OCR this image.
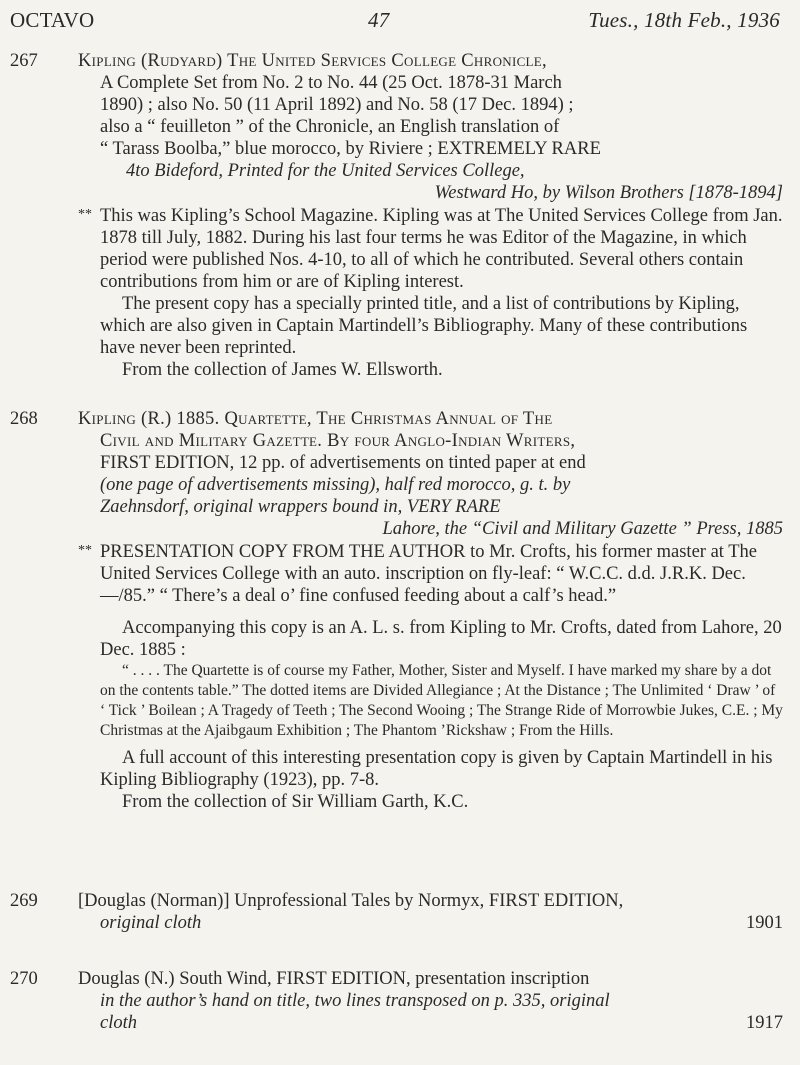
OCTAVO	47	Tues., 18th Feb., 1936
267	Kipling (Rudyard) The United Services College Chronicle,

A Complete Set from No. 2 to No. 44 (25 Oct. 1878-31 March

1890) ; also No. 50 (11 April 1892) and No. 58 (17 Dec. 1894) ;

also a “ feuilleton ” of the Chronicle, an English translation of

“ Tarass Boolba,” blue morocco, by Riviere ; EXTREMELY RARE

4to Bideford, Printed for the United Services College,

Westward Ho, by Wilson Brothers [1878-1894]

** This was Kipling’s School Magazine. Kipling was at The United Services College from Jan. 1878 till July, 1882. During his last four terms he was Editor of the Magazine, in which period were published Nos. 4-10, to all of which he contributed. Several others contain contributions from him or are of Kipling interest.

The present copy has a specially printed title, and a list of contributions by Kipling, which are also given in Captain Martindell’s Bibliography. Many of these contributions have never been reprinted.

From the collection of James W. Ellsworth.

268	Kipling (R.) 1885. Quartette, The Christmas Annual of The

Civil and Military Gazette. By four Anglo-Indian Writers,

FIRST EDITION, 12 pp. of advertisements on tinted paper at end

(one page of advertisements missing), half red morocco, g. t. by

Zaehnsdorf, original wrappers bound in, VERY RARE

Lahore, the “Civil and Military Gazette ” Press, 1885

** PRESENTATION COPY FROM THE AUTHOR to Mr. Crofts, his former master at The United Services College with an auto. inscription on fly-leaf: “ W.C.C. d.d. J.R.K. Dec.—/85.” “ There’s a deal o’ fine confused feeding about a calf’s head.”

Accompanying this copy is an A. L. s. from Kipling to Mr. Crofts, dated from Lahore, 20 Dec. 1885 :

“ . . . . The Quartette is of course my Father, Mother, Sister and Myself. I have marked my share by a dot on the contents table.” The dotted items are Divided Allegiance ; At the Distance ; The Unlimited ‘ Draw ’ of ‘ Tick ’ Boilean ; A Tragedy of Teeth ; The Second Wooing ; The Strange Ride of Morrowbie Jukes, C.E. ; My Christmas at the Ajaibgaum Exhibition ; The Phantom ’Rickshaw ; From the Hills.

A full account of this interesting presentation copy is given by Captain Martindell in his Kipling Bibliography (1923), pp. 7-8.

From the collection of Sir William Garth, K.C.

269	[Douglas (Norman)] Unprofessional Tales by Normyx, FIRST EDITION,

original cloth	1901

270	Douglas (N.) South Wind, FIRST EDITION, presentation inscription

in the author’s hand on title, two lines transposed on p. 335, original

cloth	1917
